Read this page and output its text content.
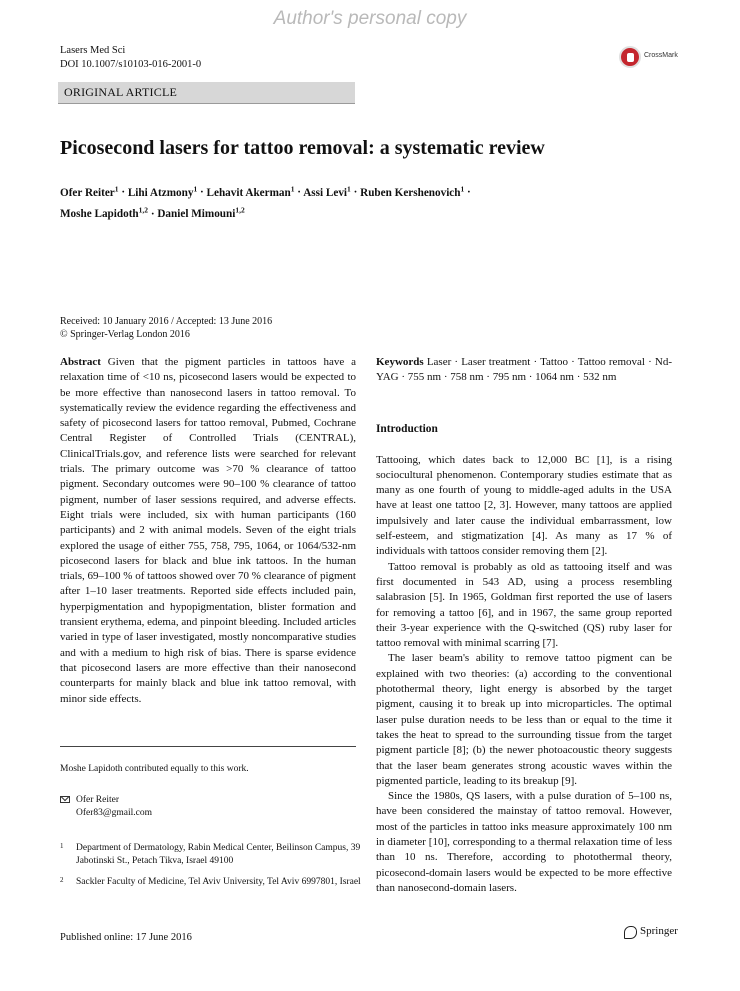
Author's personal copy
Lasers Med Sci
DOI 10.1007/s10103-016-2001-0
CrossMark
ORIGINAL ARTICLE
Picosecond lasers for tattoo removal: a systematic review
Ofer Reiter$^1$ · Lihi Atzmony$^1$ · Lehavit Akerman$^1$ · Assi Levi$^1$ · Ruben Kershenovich$^1$ ·
Moshe Lapidoth$^{1,2}$ · Daniel Mimouni$^{1,2}$
Received: 10 January 2016 / Accepted: 13 June 2016
© Springer-Verlag London 2016

Abstract Given that the pigment particles in tattoos have a relaxation time of <10 ns, picosecond lasers would be expected to be more effective than nanosecond lasers in tattoo removal. To systematically review the evidence regarding the effectiveness and safety of picosecond lasers for tattoo removal, Pubmed, Cochrane Central Register of Controlled Trials (CENTRAL), ClinicalTrials.gov, and reference lists were searched for relevant trials. The primary outcome was >70 % clearance of tattoo pigment. Secondary outcomes were 90–100 % clearance of tattoo pigment, number of laser sessions required, and adverse effects. Eight trials were included, six with human participants (160 participants) and 2 with animal models. Seven of the eight trials explored the usage of either 755, 758, 795, 1064, or 1064/532-nm picosecond lasers for black and blue ink tattoos. In the human trials, 69–100 % of tattoos showed over 70 % clearance of pigment after 1–10 laser treatments. Reported side effects included pain, hyperpigmentation and hypopigmentation, blister formation and transient erythema, edema, and pinpoint bleeding. Included articles varied in type of laser investigated, mostly noncomparative studies and with a medium to high risk of bias. There is sparse evidence that picosecond lasers are more effective than their nanosecond counterparts for mainly black and blue ink tattoo removal, with minor side effects.

Keywords Laser · Laser treatment · Tattoo · Tattoo removal · Nd-YAG · 755 nm · 758 nm · 795 nm · 1064 nm · 532 nm

Introduction

Tattooing, which dates back to 12,000 BC [1], is a rising sociocultural phenomenon. Contemporary studies estimate that as many as one fourth of young to middle-aged adults in the USA have at least one tattoo [2, 3]. However, many tattoos are applied impulsively and later cause the individual embarrassment, low self-esteem, and stigmatization [4]. As many as 17 % of individuals with tattoos consider removing them [2].

Tattoo removal is probably as old as tattooing itself and was first documented in 543 AD, using a process resembling salabrasion [5]. In 1965, Goldman first reported the use of lasers for removing a tattoo [6], and in 1967, the same group reported their 3-year experience with the Q-switched (QS) ruby laser for tattoo removal with minimal scarring [7].

The laser beam's ability to remove tattoo pigment can be explained with two theories: (a) according to the conventional photothermal theory, light energy is absorbed by the target pigment, causing it to break up into microparticles. The optimal laser pulse duration needs to be less than or equal to the time it takes the heat to spread to the surrounding tissue from the target pigment particle [8]; (b) the newer photoacoustic theory suggests that the laser beam generates strong acoustic waves within the pigmented particle, leading to its breakup [9].

Since the 1980s, QS lasers, with a pulse duration of 5–100 ns, have been considered the mainstay of tattoo removal. However, most of the particles in tattoo inks measure approximately 100 nm in diameter [10], corresponding to a thermal relaxation time of less than 10 ns. Therefore, according to photothermal theory, picosecond-domain lasers would be expected to be more effective than nanosecond-domain lasers.

Moshe Lapidoth contributed equally to this work.
Ofer Reiter
Ofer83@gmail.com
1 Department of Dermatology, Rabin Medical Center, Beilinson Campus, 39 Jabotinski St., Petach Tikva, Israel 49100
2 Sackler Faculty of Medicine, Tel Aviv University, Tel Aviv 6997801, Israel
Published online: 17 June 2016
Springer
